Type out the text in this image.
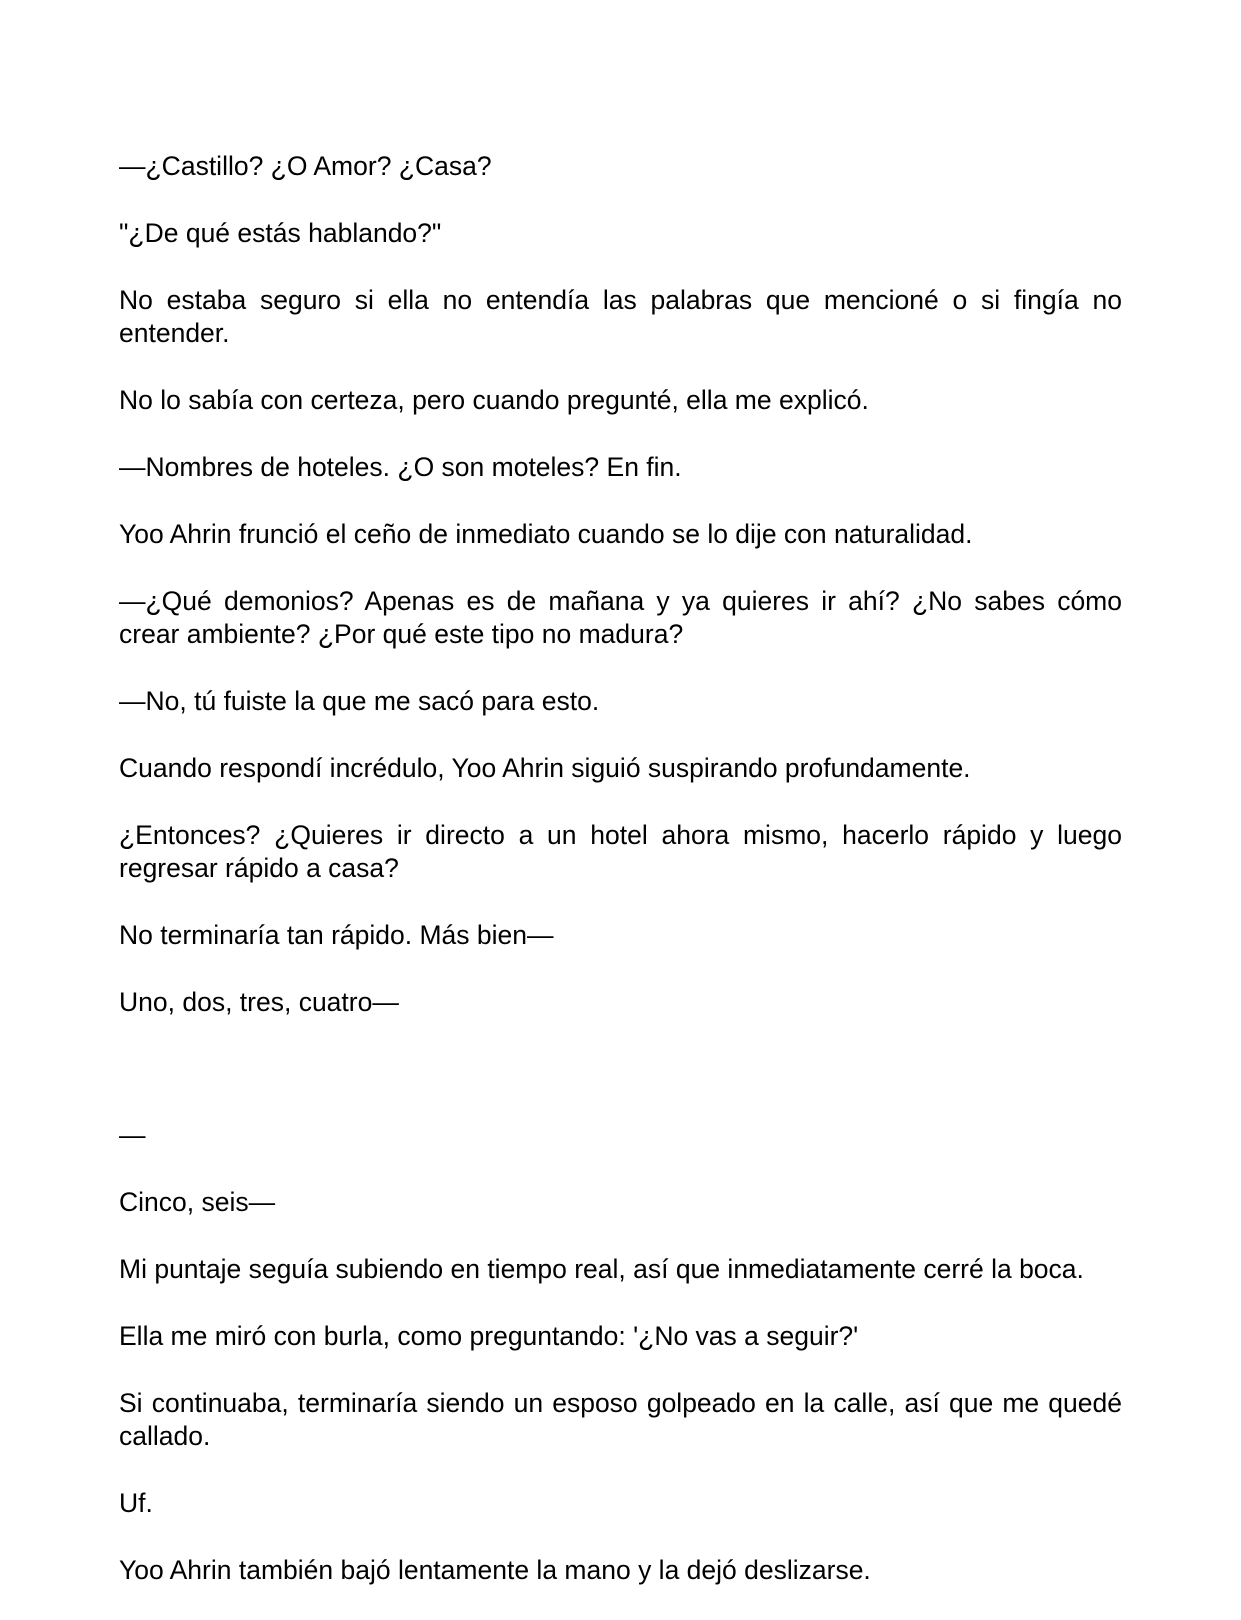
—¿Castillo? ¿O Amor? ¿Casa?

"¿De qué estás hablando?"

No estaba seguro si ella no entendía las palabras que mencioné o si fingía no entender.

No lo sabía con certeza, pero cuando pregunté, ella me explicó.

—Nombres de hoteles. ¿O son moteles? En fin.

Yoo Ahrin frunció el ceño de inmediato cuando se lo dije con naturalidad.

—¿Qué demonios? Apenas es de mañana y ya quieres ir ahí? ¿No sabes cómo crear ambiente? ¿Por qué este tipo no madura?

—No, tú fuiste la que me sacó para esto.

Cuando respondí incrédulo, Yoo Ahrin siguió suspirando profundamente.

¿Entonces? ¿Quieres ir directo a un hotel ahora mismo, hacerlo rápido y luego regresar rápido a casa?

No terminaría tan rápido. Más bien—

Uno, dos, tres, cuatro—

—

Cinco, seis—

Mi puntaje seguía subiendo en tiempo real, así que inmediatamente cerré la boca.

Ella me miró con burla, como preguntando: '¿No vas a seguir?'

Si continuaba, terminaría siendo un esposo golpeado en la calle, así que me quedé callado.

Uf.

Yoo Ahrin también bajó lentamente la mano y la dejó deslizarse.
